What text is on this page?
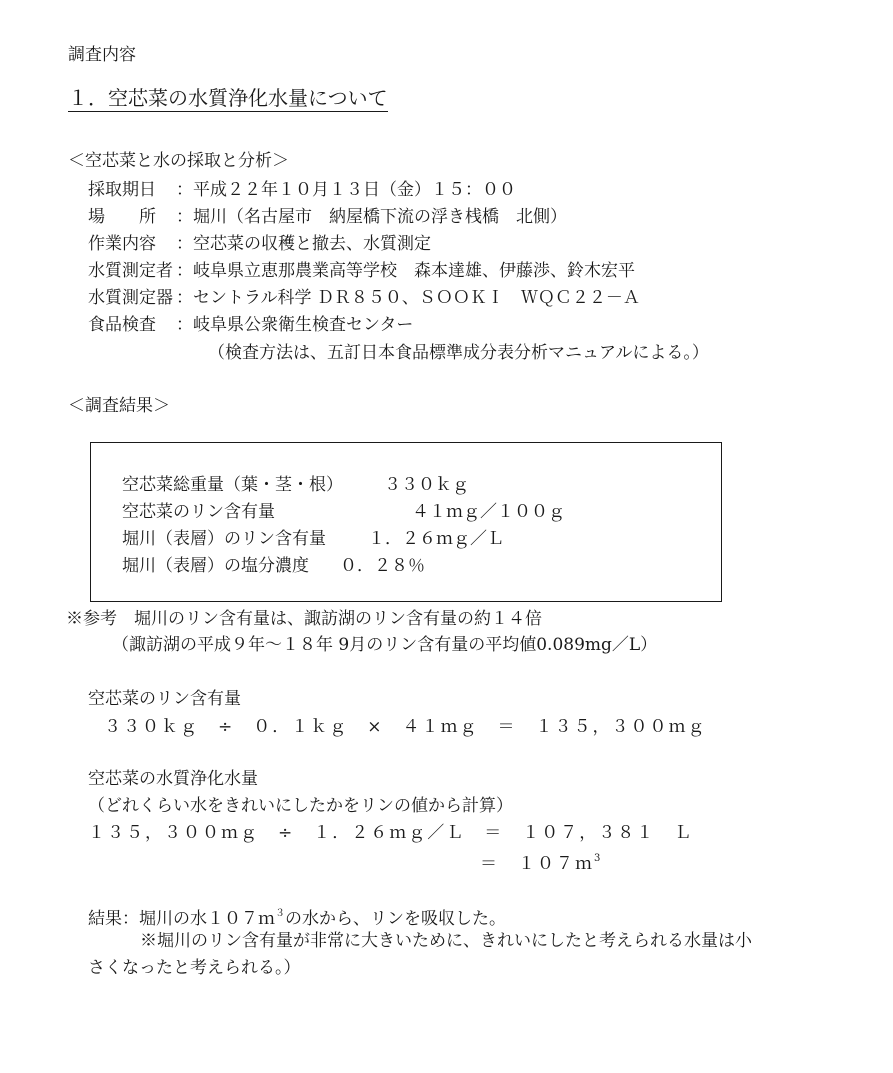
調査内容
１．空芯菜の水質浄化水量について
＜空芯菜と水の採取と分析＞
採取期日 ：平成２２年１０月１３日（金）１５：００
場　　所 ：堀川（名古屋市　納屋橋下流の浮き桟橋　北側）
作業内容 ：空芯菜の収穫と撤去、水質測定
水質測定者 ：岐阜県立恵那農業高等学校　森本達雄、伊藤渉、鈴木宏平
水質測定器 ：セントラル科学 ＤＲ８５０、ＳＯＯＫＩ　ＷＱＣ２２－Ａ
食品検査 ：岐阜県公衆衛生検査センター
（検査方法は、五訂日本食品標準成分表分析マニュアルによる。）
＜調査結果＞
空芯菜総重量（葉・茎・根） ３３０ｋｇ
空芯菜のリン含有量	４１ｍｇ／１００ｇ
堀川（表層）のリン含有量 １．２６ｍｇ／Ｌ
堀川（表層）の塩分濃度 ０．２８％
※参考　堀川のリン含有量は、諏訪湖のリン含有量の約１４倍
（諏訪湖の平成９年～１８年 9月のリン含有量の平均値0.089mg／L）
空芯菜のリン含有量
３３０ｋｇ　÷　０．１ｋｇ　×　４１ｍｇ　＝　１３５，３００ｍｇ
空芯菜の水質浄化水量
（どれくらい水をきれいにしたかをリンの値から計算）
１３５，３００ｍｇ　÷　１．２６ｍｇ／Ｌ　＝　１０７，３８１　Ｌ
＝　１０７ｍ$^3$
結果：堀川の水１０７ｍ$^3$の水から、リンを吸収した。
※堀川のリン含有量が非常に大きいために、きれいにしたと考えられる水量は小
さくなったと考えられる。）
